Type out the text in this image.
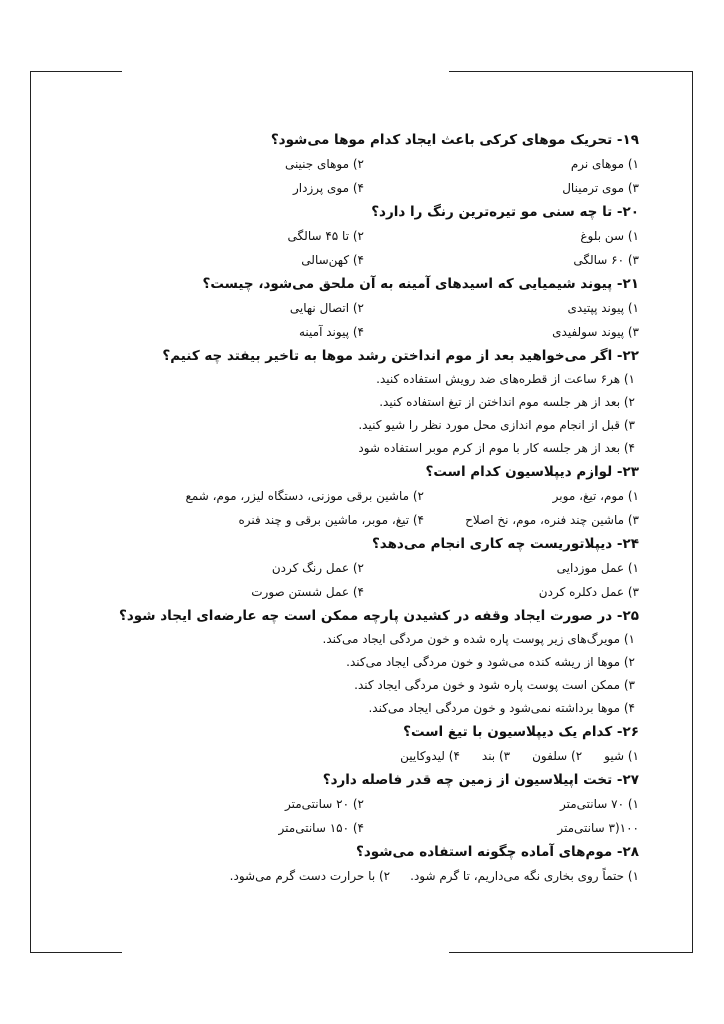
۱۹- تحریک موهای کرکی باعث ایجاد کدام موها می‌شود؟
۱) موهای نرم
۲) موهای جنینی
۳) موی ترمینال
۴) موی پرزدار
۲۰- تا چه سنی مو تیره‌ترین رنگ را دارد؟
۱) سن بلوغ
۲) تا ۴۵ سالگی
۳) ۶۰ سالگی
۴) کهن‌سالی
۲۱- پیوند شیمیایی که اسیدهای آمینه به آن ملحق می‌شود، چیست؟
۱) پیوند پپتیدی
۲) اتصال نهایی
۳) پیوند سولفیدی
۴) پیوند آمینه
۲۲- اگر می‌خواهید بعد از موم انداختن رشد موها به تاخیر بیفتد چه کنیم؟
۱) هر۶ ساعت از قطره‌های ضد رویش استفاده کنید.
۲) بعد از هر جلسه موم انداختن از تیغ استفاده کنید.
۳) قبل از انجام موم اندازی محل مورد نظر را شیو کنید.
۴) بعد از هر جلسه کار با موم از کرم موبر استفاده شود
۲۳- لوازم دیپلاسیون کدام است؟
۱) موم، تیغ، موبر
۲) ماشین برقی موزنی، دستگاه لیزر، موم، شمع
۳) ماشین چند فنره، موم، نخ اصلاح
۴) تیغ، موبر، ماشین برقی و چند فنره
۲۴- دیپلاتوریست چه کاری انجام می‌دهد؟
۱) عمل موزدایی
۲) عمل رنگ کردن
۳) عمل دکلره کردن
۴) عمل شستن صورت
۲۵- در صورت ایجاد وقفه در کشیدن پارچه ممکن است چه عارضه‌ای ایجاد شود؟
۱) مویرگ‌های زیر پوست پاره شده و خون مردگی ایجاد می‌کند.
۲) موها از ریشه کنده می‌شود و خون مردگی ایجاد می‌کند.
۳) ممکن است پوست پاره شود و خون مردگی ایجاد کند.
۴) موها برداشته نمی‌شود و خون مردگی ایجاد می‌کند.
۲۶- کدام یک دیپلاسیون با تیغ است؟
۱) شیو
۲) سلفون
۳) بند
۴) لیدوکایین
۲۷- تخت اپیلاسیون از زمین چه قدر فاصله دارد؟
۱) ۷۰ سانتی‌متر
۲) ۲۰ سانتی‌متر
۱۰۰(۳ سانتی‌متر
۴) ۱۵۰ سانتی‌متر
۲۸- موم‌های آماده چگونه استفاده می‌شود؟
۱) حتماً روی بخاری نگه می‌داریم، تا گرم شود.
۲) با حرارت دست گرم می‌شود.
